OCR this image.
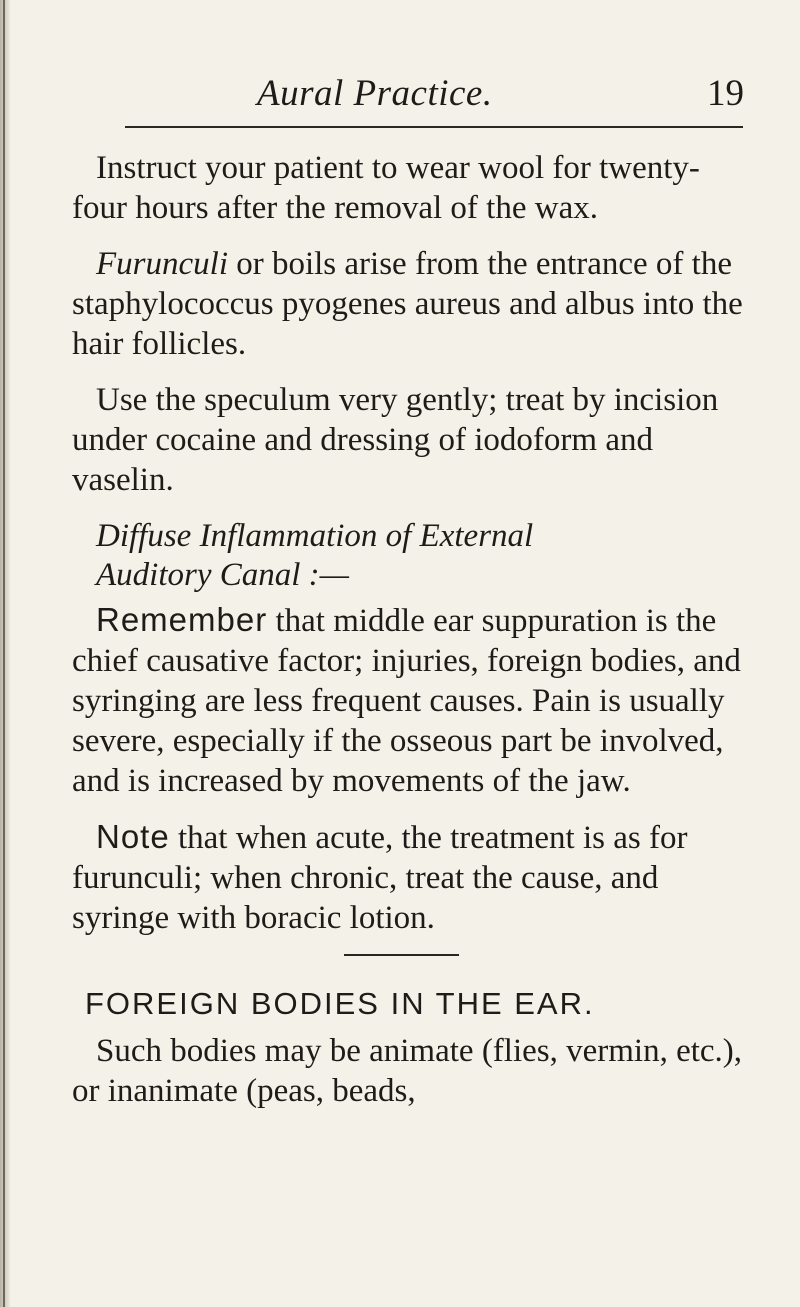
Aural Practice.	19

Instruct your patient to wear wool for twenty-four hours after the removal of the wax.

Furunculi or boils arise from the entrance of the staphylococcus pyogenes aureus and albus into the hair follicles.

Use the speculum very gently; treat by incision under cocaine and dressing of iodoform and vaselin.

Diffuse Inflammation of External
Auditory Canal :—

Remember that middle ear suppuration is the chief causative factor; injuries, foreign bodies, and syringing are less frequent causes. Pain is usually severe, especially if the osseous part be involved, and is increased by movements of the jaw.

Note that when acute, the treatment is as for furunculi; when chronic, treat the cause, and syringe with boracic lotion.

FOREIGN BODIES IN THE EAR.

Such bodies may be animate (flies, vermin, etc.), or inanimate (peas, beads,
